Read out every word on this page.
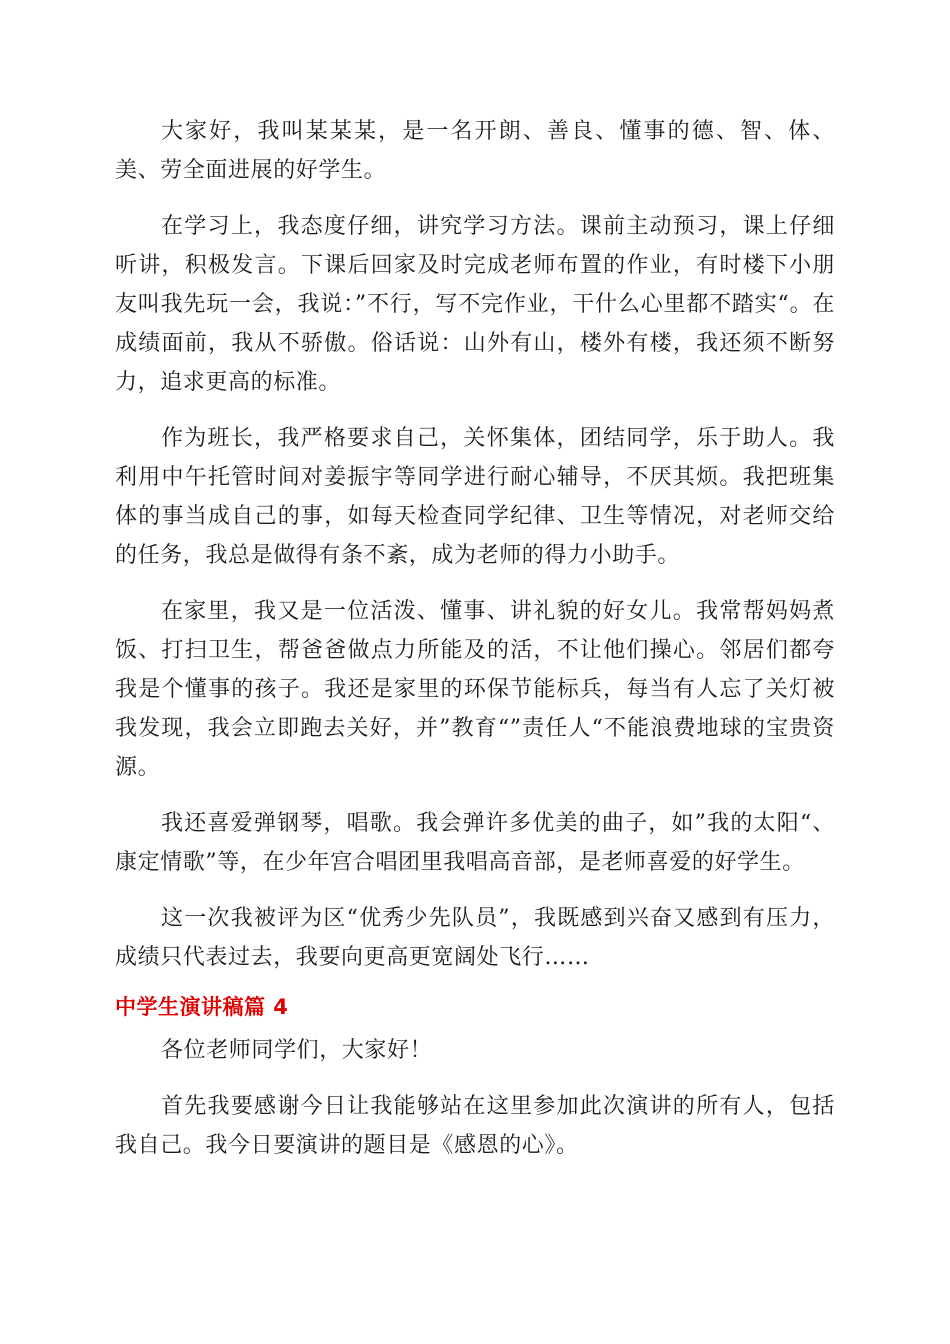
大家好，我叫某某某，是一名开朗、善良、懂事的德、智、体、美、劳全面进展的好学生。

在学习上，我态度仔细，讲究学习方法。课前主动预习，课上仔细听讲，积极发言。下课后回家及时完成老师布置的作业，有时楼下小朋友叫我先玩一会，我说：”不行，写不完作业，干什么心里都不踏实“。在成绩面前，我从不骄傲。俗话说：山外有山，楼外有楼，我还须不断努力，追求更高的标准。

作为班长，我严格要求自己，关怀集体，团结同学，乐于助人。我利用中午托管时间对姜振宇等同学进行耐心辅导，不厌其烦。我把班集体的事当成自己的事，如每天检查同学纪律、卫生等情况，对老师交给的任务，我总是做得有条不紊，成为老师的得力小助手。

在家里，我又是一位活泼、懂事、讲礼貌的好女儿。我常帮妈妈煮饭、打扫卫生，帮爸爸做点力所能及的活，不让他们操心。邻居们都夸我是个懂事的孩子。我还是家里的环保节能标兵，每当有人忘了关灯被我发现，我会立即跑去关好，并”教育“”责任人“不能浪费地球的宝贵资源。

我还喜爱弹钢琴，唱歌。我会弹许多优美的曲子，如”我的太阳“、康定情歌”等，在少年宫合唱团里我唱高音部，是老师喜爱的好学生。

这一次我被评为区“优秀少先队员”，我既感到兴奋又感到有压力，成绩只代表过去，我要向更高更宽阔处飞行……

中学生演讲稿篇 4

各位老师同学们，大家好！

首先我要感谢今日让我能够站在这里参加此次演讲的所有人，包括我自己。我今日要演讲的题目是《感恩的心》。
